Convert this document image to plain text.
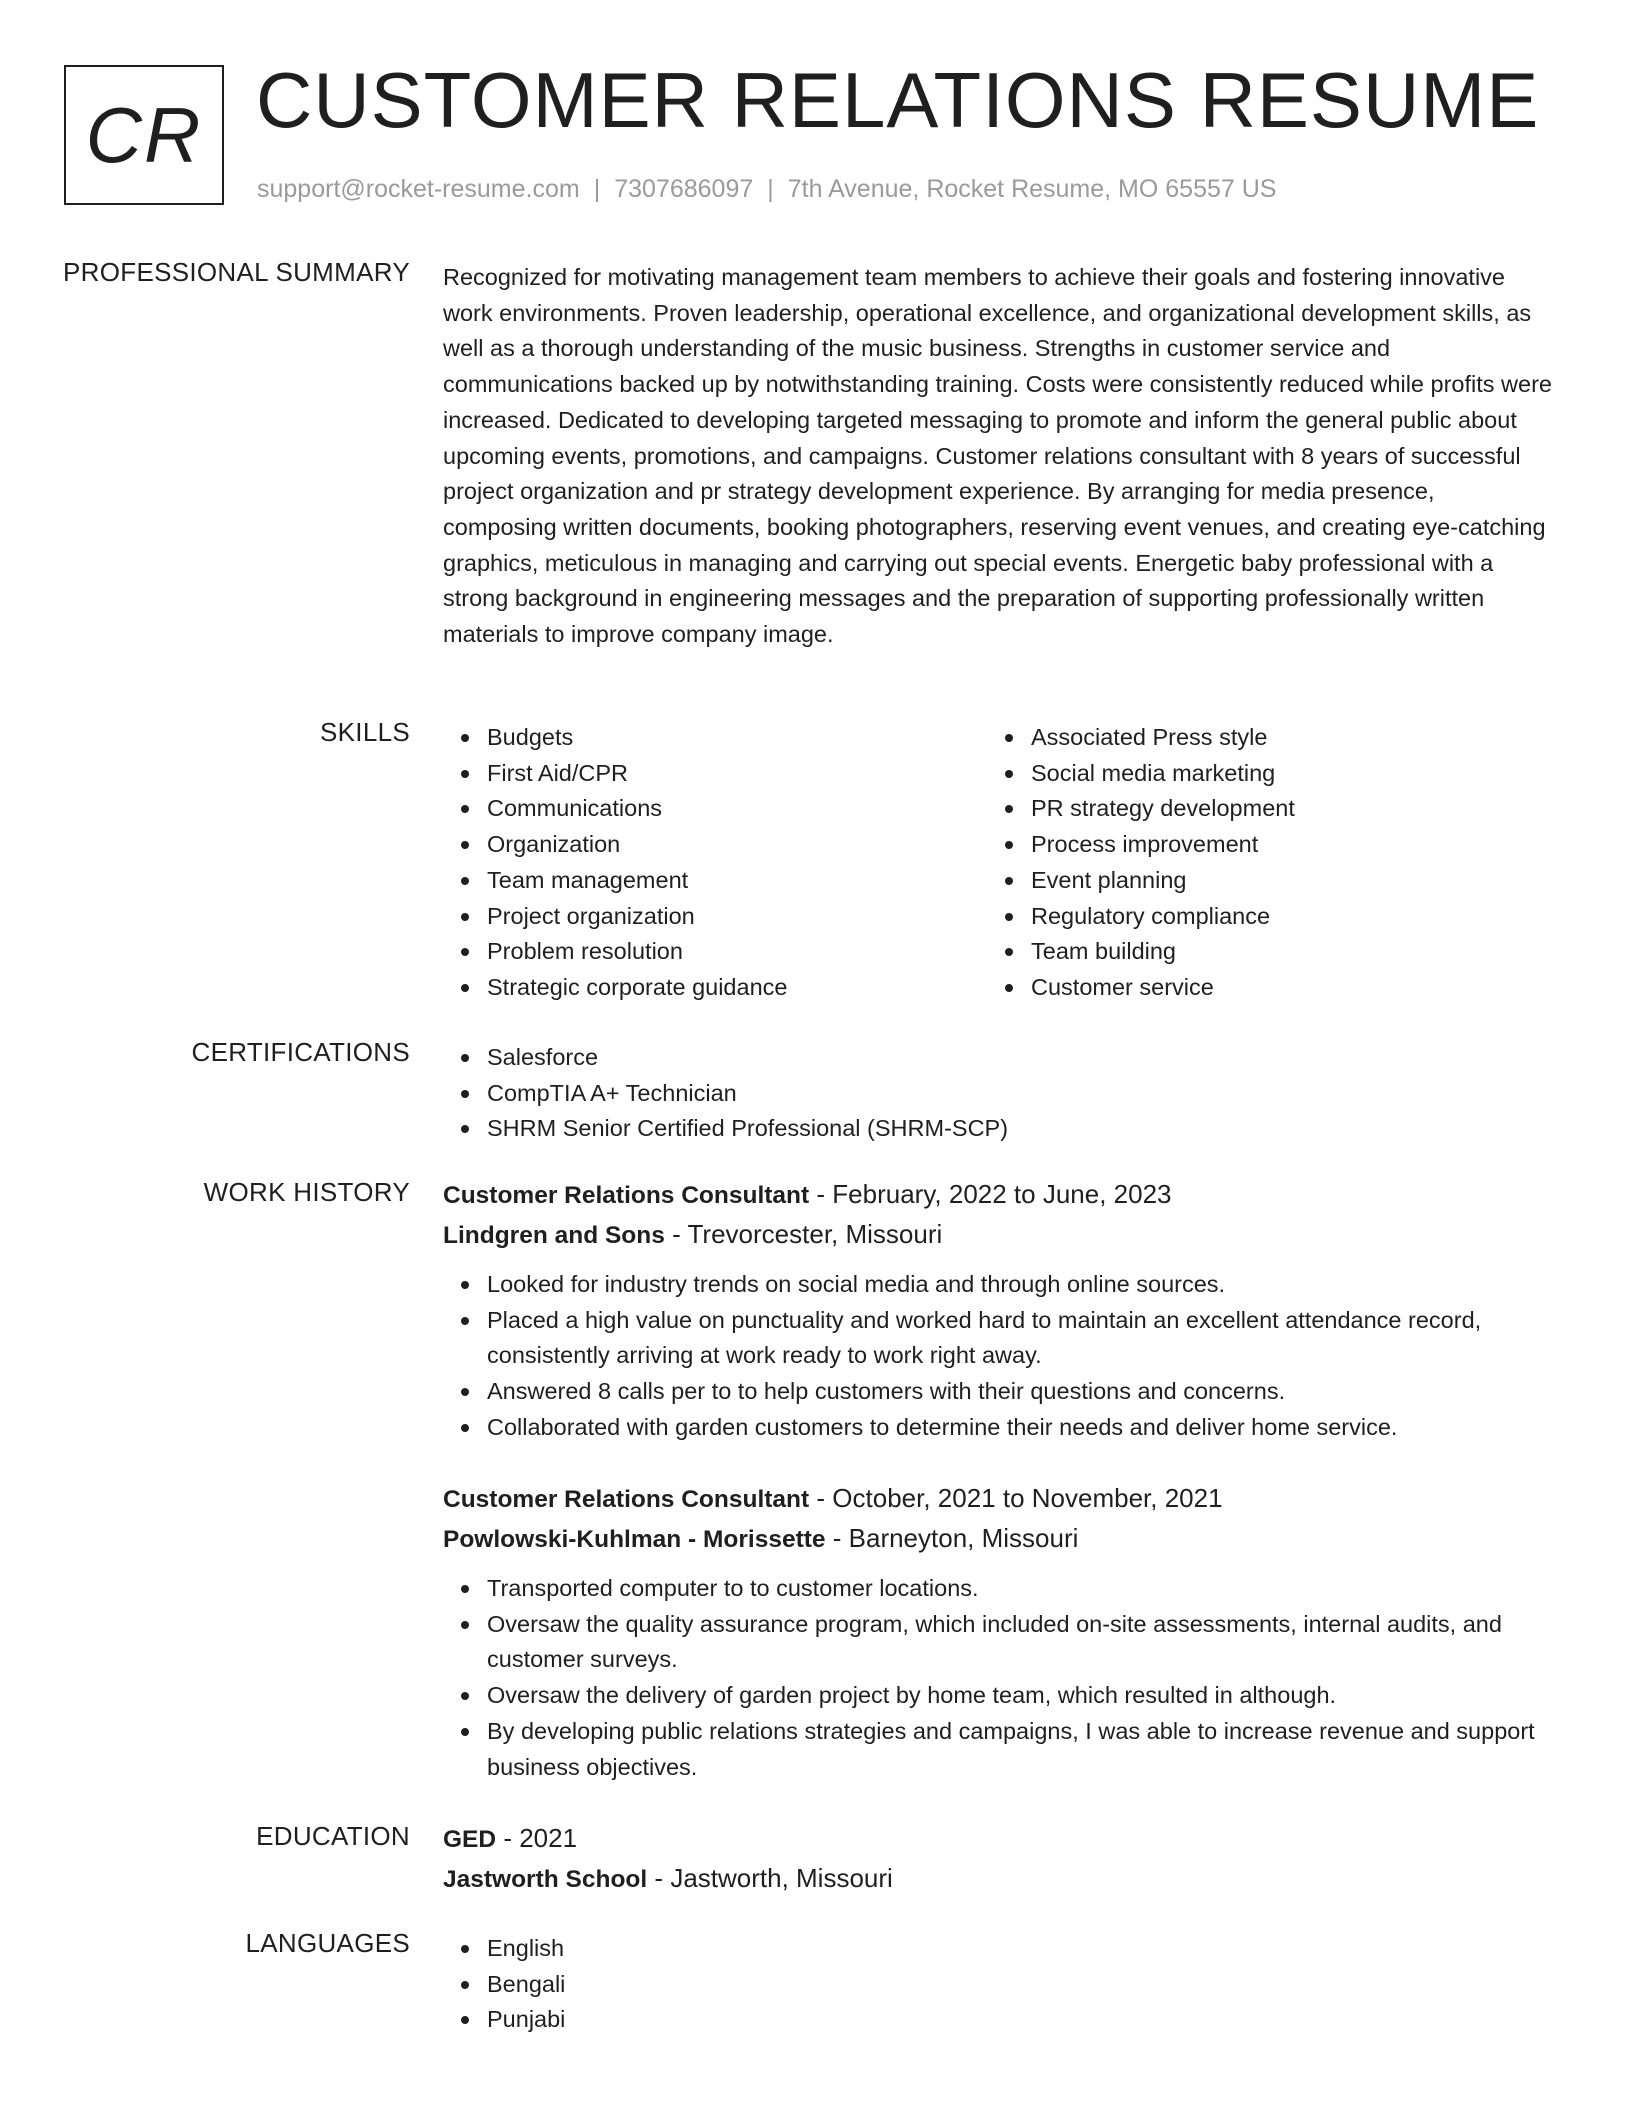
CR CUSTOMER RELATIONS RESUME
support@rocket-resume.com | 7307686097 | 7th Avenue, Rocket Resume, MO 65557 US
PROFESSIONAL SUMMARY Recognized for motivating management team members to achieve their goals and fostering innovative work environments. Proven leadership, operational excellence, and organizational development skills, as well as a thorough understanding of the music business. Strengths in customer service and communications backed up by notwithstanding training. Costs were consistently reduced while profits were increased. Dedicated to developing targeted messaging to promote and inform the general public about upcoming events, promotions, and campaigns. Customer relations consultant with 8 years of successful project organization and pr strategy development experience. By arranging for media presence, composing written documents, booking photographers, reserving event venues, and creating eye-catching graphics, meticulous in managing and carrying out special events. Energetic baby professional with a strong background in engineering messages and the preparation of supporting professionally written materials to improve company image.

SKILLS	Budgets
First Aid/CPR
Communications
Organization
Team management
Project organization
Problem resolution
Strategic corporate guidance
Associated Press style
Social media marketing
PR strategy development
Process improvement
Event planning
Regulatory compliance
Team building
Customer service
CERTIFICATIONS	Salesforce
CompTIA A+ Technician
SHRM Senior Certified Professional (SHRM-SCP)
WORK HISTORY Customer Relations Consultant - February, 2022 to June, 2023
Lindgren and Sons - Trevorcester, Missouri
Looked for industry trends on social media and through online sources.
Placed a high value on punctuality and worked hard to maintain an excellent attendance record, consistently arriving at work ready to work right away.
Answered 8 calls per to to help customers with their questions and concerns.
Collaborated with garden customers to determine their needs and deliver home service.
Customer Relations Consultant - October, 2021 to November, 2021
Powlowski-Kuhlman - Morissette - Barneyton, Missouri
Transported computer to to customer locations.
Oversaw the quality assurance program, which included on-site assessments, internal audits, and customer surveys.
Oversaw the delivery of garden project by home team, which resulted in although.
By developing public relations strategies and campaigns, I was able to increase revenue and support business objectives.
EDUCATION GED - 2021
Jastworth School - Jastworth, Missouri
LANGUAGES	English
Bengali
Punjabi
